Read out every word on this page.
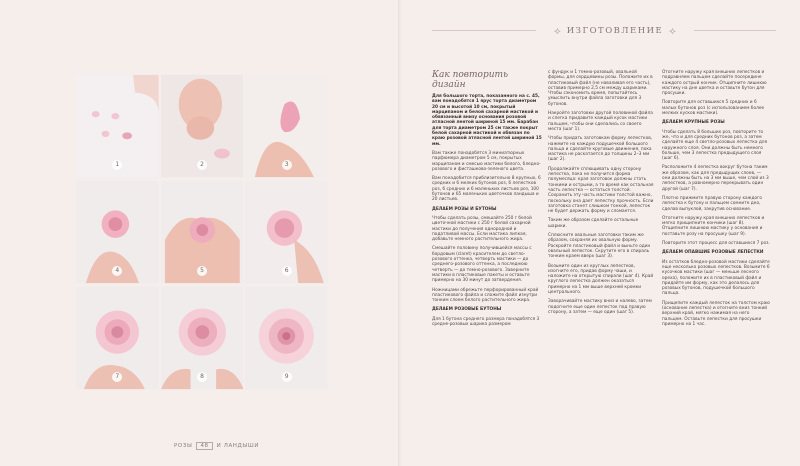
⟡ ИЗГОТОВЛЕНИЕ ⟡
1	2	3
4	5	6
7	8	9
Как повторить дизайн

Для большого торта, показанного на с. 45, вам понадобятся 1 ярус торта диаметром 20 см и высотой 10 см, покрытый марципаном и белой сахарной мастикой и обвязанный внизу основания розовой атласной лентой шириной 15 мм. Барабан для торта диаметром 25 см также покрыт белой сахарной мастикой и обвязан по краю розовой атласной лентой шириной 15 мм.

Вам также понадобятся 3 миниатюрных парфюмера диаметром 5 см, покрытых марципаном и смесью мастики белого, бледно-розового и фисташково-зеленого цвета.

Вам понадобится приблизительно 8 крупных, 6 средних и 6 мелких бутонов роз, 6 лепестков роз, 6 средних и 6 маленьких листьев роз, 100 бутонов и 65 маленьких цветочков ландыша и 20 листьев.

ДЕЛАЕМ РОЗЫ И БУТОНЫ

Чтобы сделать розы, смешайте 250 г белой цветочной мастики с 250 г белой сахарной мастики до получения однородной и податливой массы. Если мастика липкая, добавьте немного растительного жира.

Смешайте половину получившейся массы с бордовым (claret) красителем до светло-розового оттенка, четверть мастики — до среднего-розового оттенка, а последнюю четверть — до темно-розового. Заверните мастики в пластиковые пакеты и оставьте примерно на 30 минут до затвердения.

Ножницами обрежьте перфорированный край пластикового файла и сложите файл изнутри тонким слоем белого растительного жира.

ДЕЛАЕМ РОЗОВЫЕ БУТОНЫ

Для 1 бутона среднего размера понадобятся 3 средне-розовых шарика размером

с фундук и 1 темно-розовый, овальной формы, для сердцевины розы. Положите их в пластиковый файл (не наваливая его часть), оставив примерно 2,5 см между шариками. Чтобы сэкономить время, попытайтесь умыслить внутри файла заготовки для 3 бутонов.

Накройте заготовки другой половиной файла и слегка придавите каждый кусок мастики пальцем, чтобы они сделались со своего места (шаг 1).

Чтобы придать заготовкам форму лепестков, нажмите на каждую подушечкой большого пальца и сделайте круговые движения, пока мастика не раскатается до толщины 2–3 мм (шаг 2).

Продолжайте сплющивать одну сторону лепестка, пока не получится форма полумесяца: края заготовок должны стать тонкими и острыми, а то время как остальная часть лепестка — остаться толстой. Сохранить эту часть мастики толстой важно, поскольку она дает лепестку прочность. Если заготовка станет слишком тонкой, лепесток не будет держать форму и сломается.

Таким же образом сделайте остальные шарики.

Сплюсните овальные заготовки таким же образом, сохраняя их овальную форму. Раскройте пластиковый файл и выньте один овальный лепесток. Скрутите его в спираль тонким краем вверх (шаг 3).

Возьмите один из круглых лепестков, изогните его, придав форму чаши, и наложите на открытую спирали (шаг 4). Край круглого лепестка должен оказаться примерно на 1 мм выше верхней кромки центрального.

Заворачивайте мастику вниз и налево, затем подогните еще один лепесток под правую сторону, а затем — еще один (шаг 5).

Отогните наружу края внешних лепестков и подравняем пальцем сделайте посередине каждого острый кончик. Отщипните лишнюю мастику на дне цветка и оставьте бутон для просушки.

Повторите для оставшихся 5 средних и 6 малых бутонов роз (с использованием более мелких кусков мастики).

ДЕЛАЕМ КРУПНЫЕ РОЗЫ

Чтобы сделать 8 больших роз, повторите то же, что и для средних бутонов роз, а затем сделайте еще 4 светло-розовых лепестка для наружного слоя. Они должны быть немного больше, чем 3 лепестка предыдущего слоя (шаг 6).

Расположите 4 лепестка вокруг бутона таким же образом, как для предыдущих слоев, — они должны быть на 3 мм выше, чем слой из 3 лепестков, а равномерно перекрывать один другой (шаг 7).

Плотно прижмите правую сторону каждого лепестка к бутону и пальцем сомните дно, сделав выпуклой, закрутив основание.

Отогните наружу края внешних лепестков и мягко прищипните кончики (шаг 8). Отщипните лишнюю мастику у основания и поставьте розу на просушку (шаг 9).

Повторите этот процесс для оставшихся 7 роз.

ДЕЛАЕМ ОПАВШИЕ РОЗОВЫЕ ЛЕПЕСТКИ

Из остатков бледно-розовой мастики сделайте еще несколько розовых лепестков. Возьмите 6 кусочков мастики (шаг — меньше лесного ореха), положите их в пластиковый файл и придайте им форму, как это делалось для розовых бутонов, подушечкой большого пальца.

Прищепите каждый лепесток на толстом краю (основание лепестка) и отогните вниз тонкий верхний край, мягко нажимая на него пальцем. Оставьте лепестки для просушки примерно на 1 час.

РОЗЫ	48	И ЛАНДЫШИ
